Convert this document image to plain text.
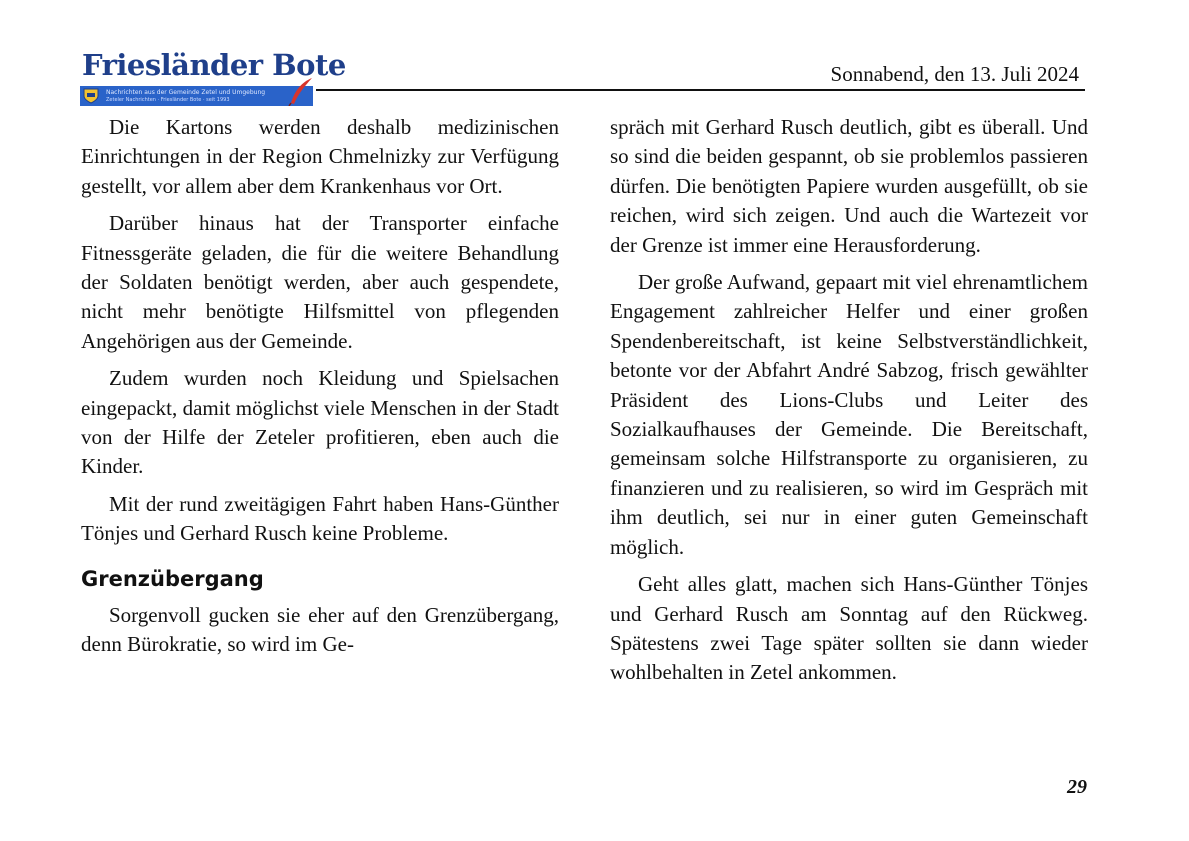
Friesländer Bote
Nachrichten aus der Gemeinde Zetel und Umgebung
Zeteler Nachrichten · Friesländer Bote · seit 1993
Sonnabend, den 13. Juli 2024

Die Kartons werden deshalb medizinischen Einrichtungen in der Region Chmelnizky zur Verfügung gestellt, vor allem aber dem Krankenhaus vor Ort.

Darüber hinaus hat der Transporter einfache Fitnessgeräte geladen, die für die weitere Behandlung der Soldaten benötigt werden, aber auch gespendete, nicht mehr benötigte Hilfsmittel von pflegenden Angehörigen aus der Gemeinde.

Zudem wurden noch Kleidung und Spielsachen eingepackt, damit möglichst viele Menschen in der Stadt von der Hilfe der Zeteler profitieren, eben auch die Kinder.

Mit der rund zweitägigen Fahrt haben Hans-Günther Tönjes und Gerhard Rusch keine Probleme.

Grenzübergang

Sorgenvoll gucken sie eher auf den Grenzübergang, denn Bürokratie, so wird im Ge-

spräch mit Gerhard Rusch deutlich, gibt es überall. Und so sind die beiden gespannt, ob sie problemlos passieren dürfen. Die benötigten Papiere wurden ausgefüllt, ob sie reichen, wird sich zeigen. Und auch die Wartezeit vor der Grenze ist immer eine Herausforderung.

Der große Aufwand, gepaart mit viel ehrenamtlichem Engagement zahlreicher Helfer und einer großen Spendenbereitschaft, ist keine Selbstverständlichkeit, betonte vor der Abfahrt André Sabzog, frisch gewählter Präsident des Lions-Clubs und Leiter des Sozialkaufhauses der Gemeinde. Die Bereitschaft, gemeinsam solche Hilfstransporte zu organisieren, zu finanzieren und zu realisieren, so wird im Gespräch mit ihm deutlich, sei nur in einer guten Gemeinschaft möglich.

Geht alles glatt, machen sich Hans-Günther Tönjes und Gerhard Rusch am Sonntag auf den Rückweg. Spätestens zwei Tage später sollten sie dann wieder wohlbehalten in Zetel ankommen.

29
